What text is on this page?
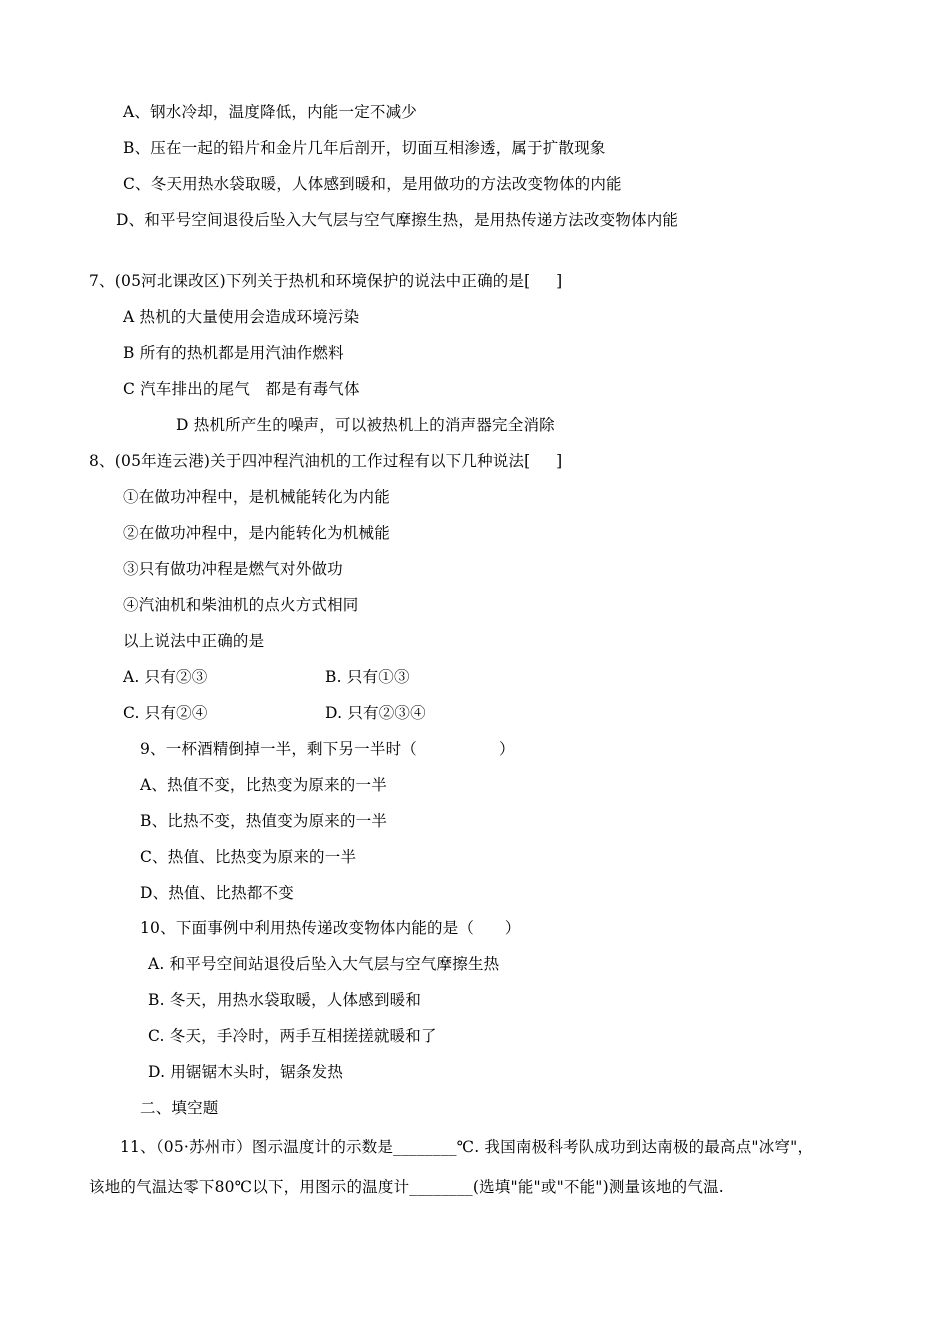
A、钢水冷却，温度降低，内能一定不减少
B、压在一起的铅片和金片几年后剖开，切面互相渗透，属于扩散现象
C、冬天用热水袋取暖，人体感到暖和，是用做功的方法改变物体的内能
D、和平号空间退役后坠入大气层与空气摩擦生热，是用热传递方法改变物体内能
7、(05河北课改区)下列关于热机和环境保护的说法中正确的是[     ]
A 热机的大量使用会造成环境污染
B 所有的热机都是用汽油作燃料
C 汽车排出的尾气   都是有毒气体
D 热机所产生的噪声，可以被热机上的消声器完全消除
8、(05年连云港)关于四冲程汽油机的工作过程有以下几种说法[     ]
①在做功冲程中，是机械能转化为内能
②在做功冲程中，是内能转化为机械能
③只有做功冲程是燃气对外做功
④汽油机和柴油机的点火方式相同
以上说法中正确的是
A. 只有②③	B. 只有①③
C. 只有②④	D. 只有②③④
9、一杯酒精倒掉一半，剩下另一半时（                ）
A、热值不变，比热变为原来的一半
B、比热不变，热值变为原来的一半
C、热值、比热变为原来的一半
D、热值、比热都不变
10、下面事例中利用热传递改变物体内能的是（      ）
A. 和平号空间站退役后坠入大气层与空气摩擦生热
B. 冬天，用热水袋取暖，人体感到暖和
C. 冬天，手冷时，两手互相搓搓就暖和了
D. 用锯锯木头时，锯条发热
二、填空题
11、（05·苏州市）图示温度计的示数是________℃. 我国南极科考队成功到达南极的最高点"冰穹"，
该地的气温达零下80℃以下，用图示的温度计________(选填"能"或"不能")测量该地的气温.
